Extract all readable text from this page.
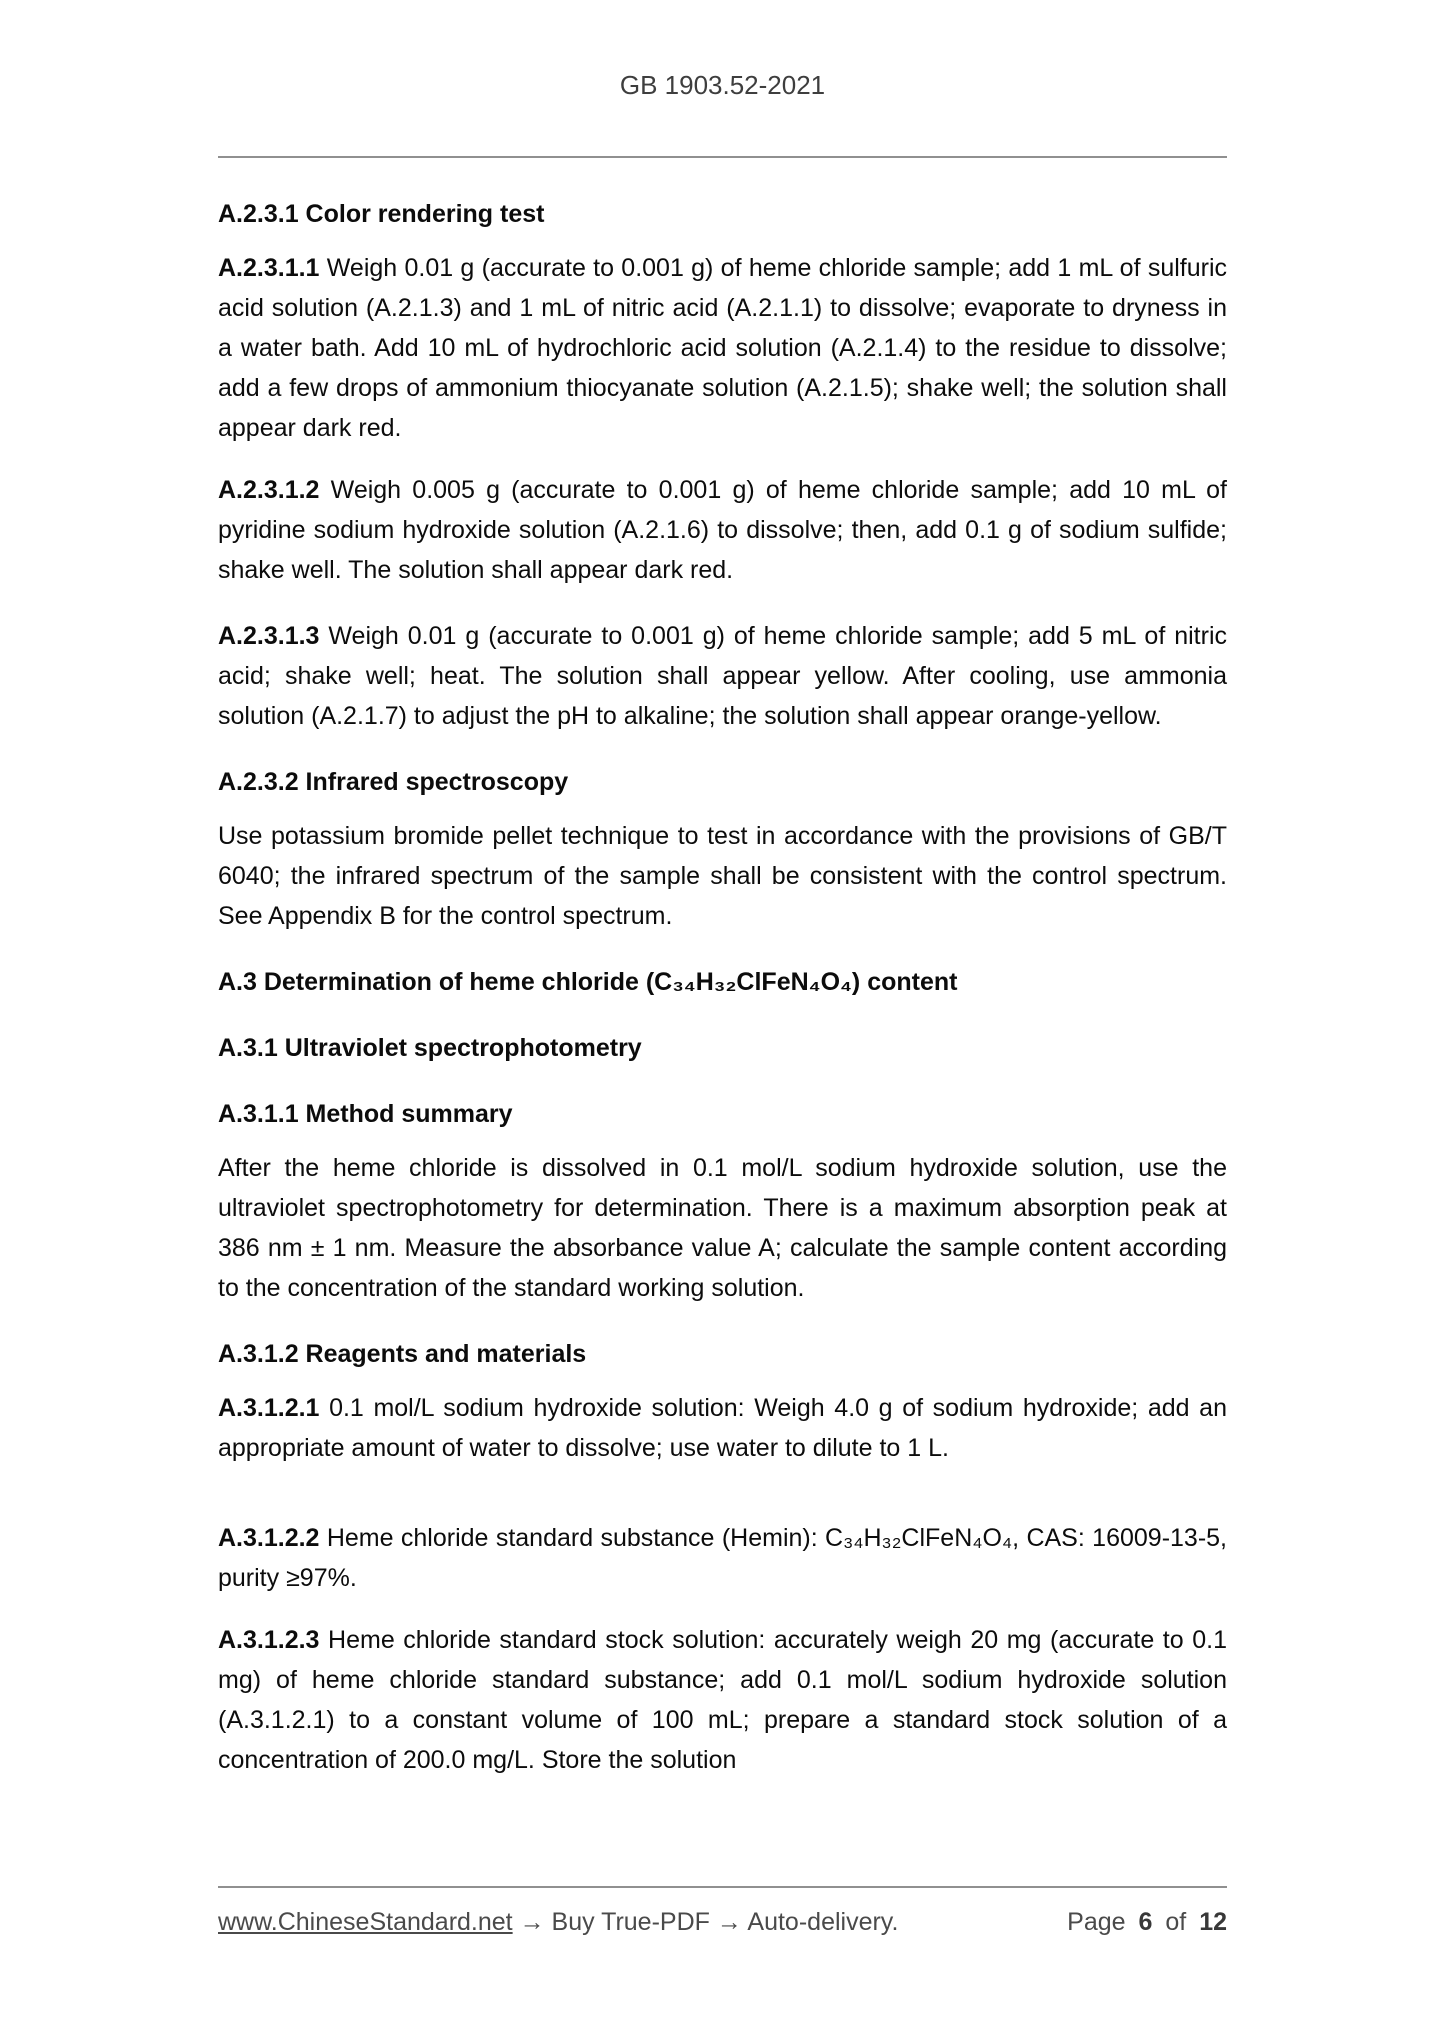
GB 1903.52-2021
A.2.3.1 Color rendering test

A.2.3.1.1 Weigh 0.01 g (accurate to 0.001 g) of heme chloride sample; add 1 mL of sulfuric acid solution (A.2.1.3) and 1 mL of nitric acid (A.2.1.1) to dissolve; evaporate to dryness in a water bath. Add 10 mL of hydrochloric acid solution (A.2.1.4) to the residue to dissolve; add a few drops of ammonium thiocyanate solution (A.2.1.5); shake well; the solution shall appear dark red.

A.2.3.1.2 Weigh 0.005 g (accurate to 0.001 g) of heme chloride sample; add 10 mL of pyridine sodium hydroxide solution (A.2.1.6) to dissolve; then, add 0.1 g of sodium sulfide; shake well. The solution shall appear dark red.

A.2.3.1.3 Weigh 0.01 g (accurate to 0.001 g) of heme chloride sample; add 5 mL of nitric acid; shake well; heat. The solution shall appear yellow. After cooling, use ammonia solution (A.2.1.7) to adjust the pH to alkaline; the solution shall appear orange-yellow.

A.2.3.2 Infrared spectroscopy

Use potassium bromide pellet technique to test in accordance with the provisions of GB/T 6040; the infrared spectrum of the sample shall be consistent with the control spectrum. See Appendix B for the control spectrum.

A.3 Determination of heme chloride (C₃₄H₃₂ClFeN₄O₄) content
A.3.1 Ultraviolet spectrophotometry
A.3.1.1 Method summary

After the heme chloride is dissolved in 0.1 mol/L sodium hydroxide solution, use the ultraviolet spectrophotometry for determination. There is a maximum absorption peak at 386 nm ± 1 nm. Measure the absorbance value A; calculate the sample content according to the concentration of the standard working solution.

A.3.1.2 Reagents and materials

A.3.1.2.1 0.1 mol/L sodium hydroxide solution: Weigh 4.0 g of sodium hydroxide; add an appropriate amount of water to dissolve; use water to dilute to 1 L.

A.3.1.2.2 Heme chloride standard substance (Hemin): C₃₄H₃₂ClFeN₄O₄, CAS: 16009-13-5, purity ≥97%.

A.3.1.2.3 Heme chloride standard stock solution: accurately weigh 20 mg (accurate to 0.1 mg) of heme chloride standard substance; add 0.1 mol/L sodium hydroxide solution (A.3.1.2.1) to a constant volume of 100 mL; prepare a standard stock solution of a concentration of 200.0 mg/L. Store the solution

www.ChineseStandard.net → Buy True-PDF → Auto-delivery.	Page 6 of 12
